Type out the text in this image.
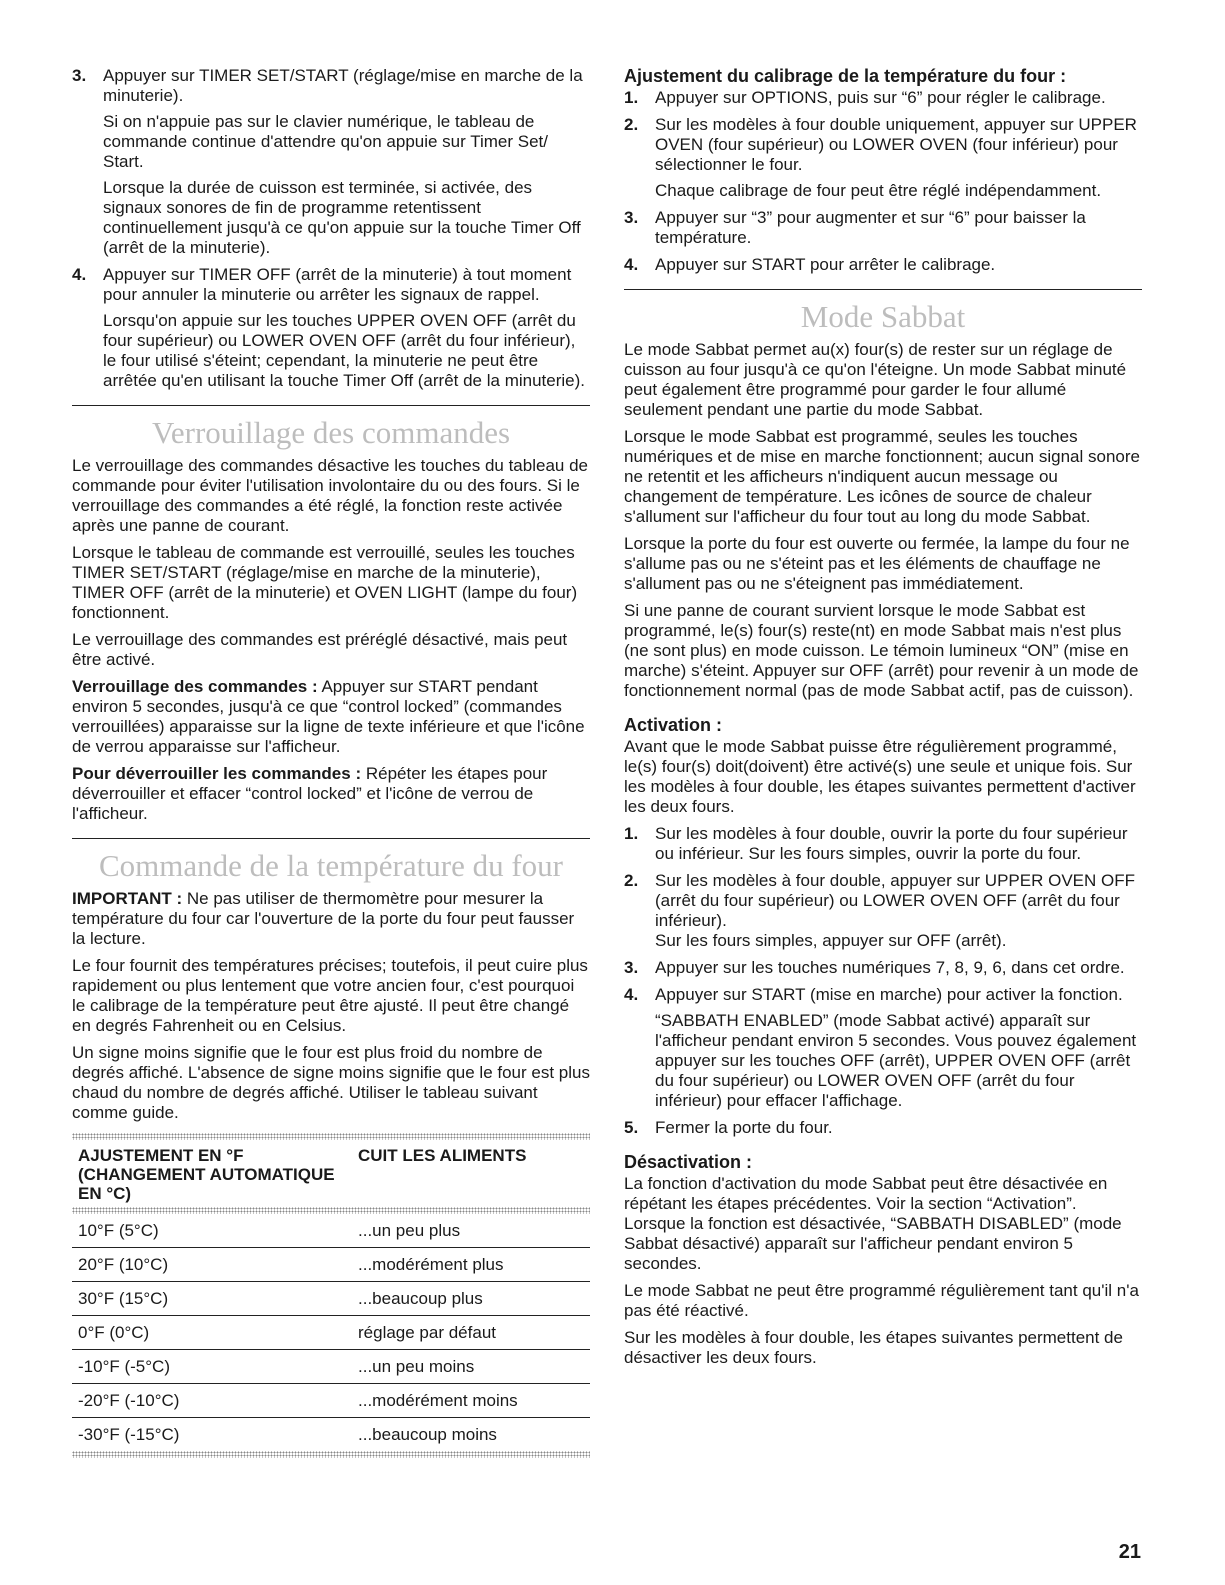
3. Appuyer sur TIMER SET/START (réglage/mise en marche de la minuterie).

Si on n'appuie pas sur le clavier numérique, le tableau de commande continue d'attendre qu'on appuie sur Timer Set/ Start.

Lorsque la durée de cuisson est terminée, si activée, des signaux sonores de fin de programme retentissent continuellement jusqu'à ce qu'on appuie sur la touche Timer Off (arrêt de la minuterie).

4. Appuyer sur TIMER OFF (arrêt de la minuterie) à tout moment pour annuler la minuterie ou arrêter les signaux de rappel.

Lorsqu'on appuie sur les touches UPPER OVEN OFF (arrêt du four supérieur) ou LOWER OVEN OFF (arrêt du four inférieur), le four utilisé s'éteint; cependant, la minuterie ne peut être arrêtée qu'en utilisant la touche Timer Off (arrêt de la minuterie).

Verrouillage des commandes

Le verrouillage des commandes désactive les touches du tableau de commande pour éviter l'utilisation involontaire du ou des fours. Si le verrouillage des commandes a été réglé, la fonction reste activée après une panne de courant.

Lorsque le tableau de commande est verrouillé, seules les touches TIMER SET/START (réglage/mise en marche de la minuterie), TIMER OFF (arrêt de la minuterie) et OVEN LIGHT (lampe du four) fonctionnent.

Le verrouillage des commandes est préréglé désactivé, mais peut être activé.

Verrouillage des commandes : Appuyer sur START pendant environ 5 secondes, jusqu'à ce que “control locked” (commandes verrouillées) apparaisse sur la ligne de texte inférieure et que l'icône de verrou apparaisse sur l'afficheur.

Pour déverrouiller les commandes : Répéter les étapes pour déverrouiller et effacer “control locked” et l'icône de verrou de l'afficheur.

Commande de la température du four

IMPORTANT : Ne pas utiliser de thermomètre pour mesurer la température du four car l'ouverture de la porte du four peut fausser la lecture.

Le four fournit des températures précises; toutefois, il peut cuire plus rapidement ou plus lentement que votre ancien four, c'est pourquoi le calibrage de la température peut être ajusté. Il peut être changé en degrés Fahrenheit ou en Celsius.

Un signe moins signifie que le four est plus froid du nombre de degrés affiché. L'absence de signe moins signifie que le four est plus chaud du nombre de degrés affiché. Utiliser le tableau suivant comme guide.

AJUSTEMENT EN °F (CHANGEMENT AUTOMATIQUE EN °C)
CUIT LES ALIMENTS
10°F (5°C)	...un peu plus
20°F (10°C)	...modérément plus
30°F (15°C)	...beaucoup plus
0°F (0°C)	réglage par défaut
-10°F (-5°C)	...un peu moins
-20°F (-10°C)	...modérément moins
-30°F (-15°C)	...beaucoup moins
Ajustement du calibrage de la température du four :
1. Appuyer sur OPTIONS, puis sur “6” pour régler le calibrage.

2. Sur les modèles à four double uniquement, appuyer sur UPPER OVEN (four supérieur) ou LOWER OVEN (four inférieur) pour sélectionner le four.

Chaque calibrage de four peut être réglé indépendamment.

3. Appuyer sur “3” pour augmenter et sur “6” pour baisser la température.

4. Appuyer sur START pour arrêter le calibrage.

Mode Sabbat

Le mode Sabbat permet au(x) four(s) de rester sur un réglage de cuisson au four jusqu'à ce qu'on l'éteigne. Un mode Sabbat minuté peut également être programmé pour garder le four allumé seulement pendant une partie du mode Sabbat.

Lorsque le mode Sabbat est programmé, seules les touches numériques et de mise en marche fonctionnent; aucun signal sonore ne retentit et les afficheurs n'indiquent aucun message ou changement de température. Les icônes de source de chaleur s'allument sur l'afficheur du four tout au long du mode Sabbat.

Lorsque la porte du four est ouverte ou fermée, la lampe du four ne s'allume pas ou ne s'éteint pas et les éléments de chauffage ne s'allument pas ou ne s'éteignent pas immédiatement.

Si une panne de courant survient lorsque le mode Sabbat est programmé, le(s) four(s) reste(nt) en mode Sabbat mais n'est plus (ne sont plus) en mode cuisson. Le témoin lumineux “ON” (mise en marche) s'éteint. Appuyer sur OFF (arrêt) pour revenir à un mode de fonctionnement normal (pas de mode Sabbat actif, pas de cuisson).

Activation :

Avant que le mode Sabbat puisse être régulièrement programmé, le(s) four(s) doit(doivent) être activé(s) une seule et unique fois. Sur les modèles à four double, les étapes suivantes permettent d'activer les deux fours.

1. Sur les modèles à four double, ouvrir la porte du four supérieur ou inférieur. Sur les fours simples, ouvrir la porte du four.

2. Sur les modèles à four double, appuyer sur UPPER OVEN OFF (arrêt du four supérieur) ou LOWER OVEN OFF (arrêt du four inférieur).

Sur les fours simples, appuyer sur OFF (arrêt).

3. Appuyer sur les touches numériques 7, 8, 9, 6, dans cet ordre.

4. Appuyer sur START (mise en marche) pour activer la fonction.

“SABBATH ENABLED” (mode Sabbat activé) apparaît sur l'afficheur pendant environ 5 secondes. Vous pouvez également appuyer sur les touches OFF (arrêt), UPPER OVEN OFF (arrêt du four supérieur) ou LOWER OVEN OFF (arrêt du four inférieur) pour effacer l'affichage.

5. Fermer la porte du four.

Désactivation :

La fonction d'activation du mode Sabbat peut être désactivée en répétant les étapes précédentes. Voir la section “Activation”. Lorsque la fonction est désactivée, “SABBATH DISABLED” (mode Sabbat désactivé) apparaît sur l'afficheur pendant environ 5 secondes.

Le mode Sabbat ne peut être programmé régulièrement tant qu'il n'a pas été réactivé.

Sur les modèles à four double, les étapes suivantes permettent de désactiver les deux fours.

21
